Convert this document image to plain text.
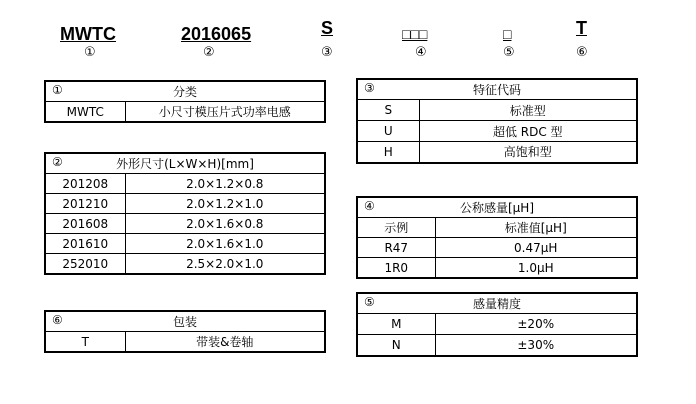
MWTC
①
2016065
②
S
③
□□□
④
□
⑤
T
⑥
①	分类
MWTC	小尺寸模压片式功率电感
② 外形尺寸(L×W×H)[mm]	
201208	2.0×1.2×0.8
201210	2.0×1.2×1.0
201608	2.0×1.6×0.8
201610	2.0×1.6×1.0
252010	2.5×2.0×1.0
⑥	包装
T	带装&卷轴
③ 特征代码	
S	标准型
U	超低 RDC 型
H	高饱和型
④ 公称感量[μH]	
示例	标准值[μH]
R47	0.47μH
1R0	1.0μH
⑤ 感量精度	
M	±20%
N	±30%
